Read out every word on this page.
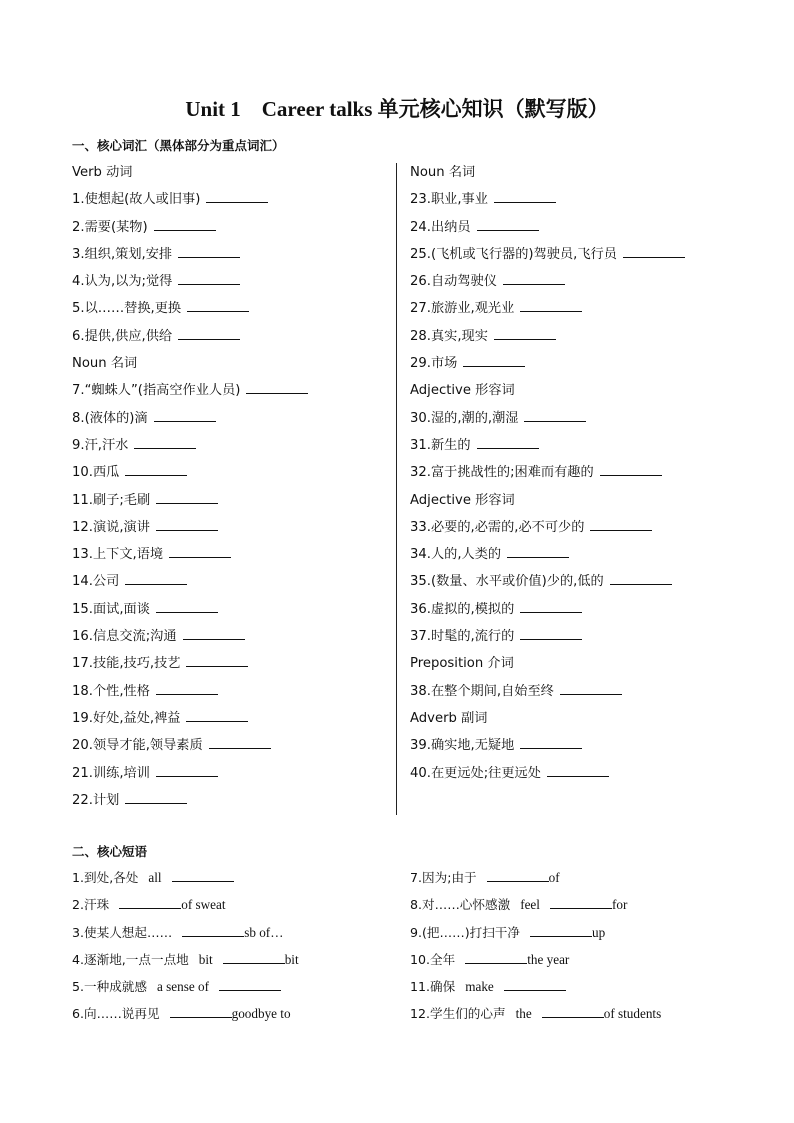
Unit 1    Career talks 单元核心知识（默写版）
一、核心词汇（黑体部分为重点词汇）
Verb 动词
1.使想起(故人或旧事)
2.需要(某物)
3.组织,策划,安排
4.认为,以为;觉得
5.以……替换,更换
6.提供,供应,供给
Noun 名词
7.“蜘蛛人”(指高空作业人员)
8.(液体的)滴
9.汗,汗水
10.西瓜
11.刷子;毛刷
12.演说,演讲
13.上下文,语境
14.公司
15.面试,面谈
16.信息交流;沟通
17.技能,技巧,技艺
18.个性,性格
19.好处,益处,裨益
20.领导才能,领导素质
21.训练,培训
22.计划
Noun 名词
23.职业,事业
24.出纳员
25.(飞机或飞行器的)驾驶员,飞行员
26.自动驾驶仪
27.旅游业,观光业
28.真实,现实
29.市场
Adjective 形容词
30.湿的,潮的,潮湿
31.新生的
32.富于挑战性的;困难而有趣的
Adjective 形容词
33.必要的,必需的,必不可少的
34.人的,人类的
35.(数量、水平或价值)少的,低的
36.虚拟的,模拟的
37.时髦的,流行的
Preposition 介词
38.在整个期间,自始至终
Adverb 副词
39.确实地,无疑地
40.在更远处;往更远处
二、核心短语
1.到处,各处 all
2.汗珠	of sweat
3.使某人想起……	sb of…
4.逐渐地,一点一点地 bit	bit
5.一种成就感 a sense of
6.向……说再见	goodbye to
7.因为;由于	of
8.对……心怀感激 feel	for
9.(把……)打扫干净	up
10.全年	the year
11.确保 make
12.学生们的心声 the	of students
